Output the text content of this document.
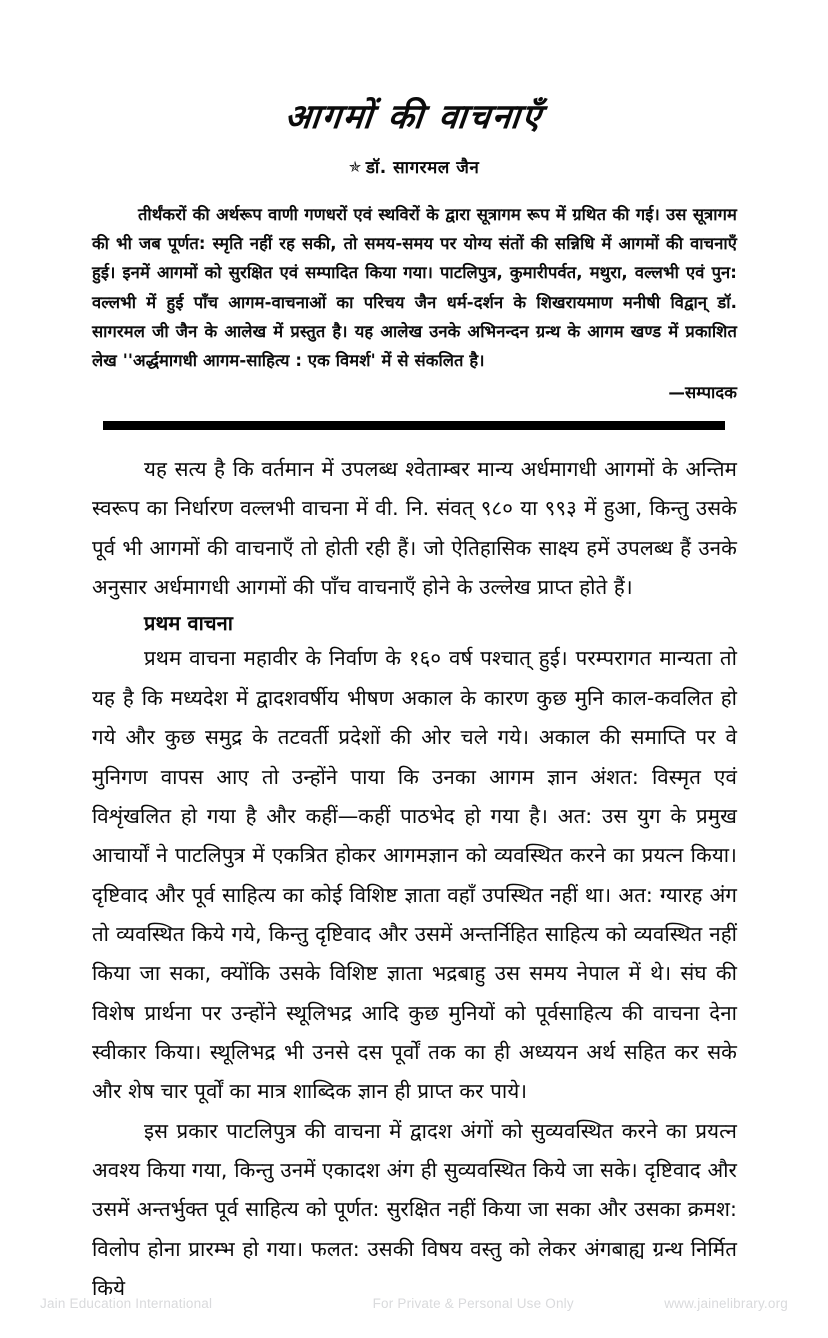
आगमों की वाचनाएँ
✯ डॉ. सागरमल जैन

तीर्थंकरों की अर्थरूप वाणी गणधरों एवं स्थविरों के द्वारा सूत्रागम रूप में ग्रथित की गई। उस सूत्रागम की भी जब पूर्णत: स्मृति नहीं रह सकी, तो समय-समय पर योग्य संतों की सन्निधि में आगमों की वाचनाएँ हुई। इनमें आगमों को सुरक्षित एवं सम्पादित किया गया। पाटलिपुत्र, कुमारीपर्वत, मथुरा, वल्लभी एवं पुन: वल्लभी में हुई पाँच आगम-वाचनाओं का परिचय जैन धर्म-दर्शन के शिखरायमाण मनीषी विद्वान् डॉ. सागरमल जी जैन के आलेख में प्रस्तुत है। यह आलेख उनके अभिनन्दन ग्रन्थ के आगम खण्ड में प्रकाशित लेख ''अर्द्धमागधी आगम-साहित्य : एक विमर्श' में से संकलित है।

—सम्पादक

यह सत्य है कि वर्तमान में उपलब्ध श्वेताम्बर मान्य अर्धमागधी आगमों के अन्तिम स्वरूप का निर्धारण वल्लभी वाचना में वी. नि. संवत् ९८० या ९९३ में हुआ, किन्तु उसके पूर्व भी आगमों की वाचनाएँ तो होती रही हैं। जो ऐतिहासिक साक्ष्य हमें उपलब्ध हैं उनके अनुसार अर्धमागधी आगमों की पाँच वाचनाएँ होने के उल्लेख प्राप्त होते हैं।

प्रथम वाचना

प्रथम वाचना महावीर के निर्वाण के १६० वर्ष पश्चात् हुई। परम्परागत मान्यता तो यह है कि मध्यदेश में द्वादशवर्षीय भीषण अकाल के कारण कुछ मुनि काल-कवलित हो गये और कुछ समुद्र के तटवर्ती प्रदेशों की ओर चले गये। अकाल की समाप्ति पर वे मुनिगण वापस आए तो उन्होंने पाया कि उनका आगम ज्ञान अंशत: विस्मृत एवं विशृंखलित हो गया है और कहीं—कहीं पाठभेद हो गया है। अत: उस युग के प्रमुख आचार्यों ने पाटलिपुत्र में एकत्रित होकर आगमज्ञान को व्यवस्थित करने का प्रयत्न किया। दृष्टिवाद और पूर्व साहित्य का कोई विशिष्ट ज्ञाता वहाँ उपस्थित नहीं था। अत: ग्यारह अंग तो व्यवस्थित किये गये, किन्तु दृष्टिवाद और उसमें अन्तर्निहित साहित्य को व्यवस्थित नहीं किया जा सका, क्योंकि उसके विशिष्ट ज्ञाता भद्रबाहु उस समय नेपाल में थे। संघ की विशेष प्रार्थना पर उन्होंने स्थूलिभद्र आदि कुछ मुनियों को पूर्वसाहित्य की वाचना देना स्वीकार किया। स्थूलिभद्र भी उनसे दस पूर्वों तक का ही अध्ययन अर्थ सहित कर सके और शेष चार पूर्वों का मात्र शाब्दिक ज्ञान ही प्राप्त कर पाये।

इस प्रकार पाटलिपुत्र की वाचना में द्वादश अंगों को सुव्यवस्थित करने का प्रयत्न अवश्य किया गया, किन्तु उनमें एकादश अंग ही सुव्यवस्थित किये जा सके। दृष्टिवाद और उसमें अन्तर्भुक्त पूर्व साहित्य को पूर्णत: सुरक्षित नहीं किया जा सका और उसका क्रमश: विलोप होना प्रारम्भ हो गया। फलत: उसकी विषय वस्तु को लेकर अंगबाह्य ग्रन्थ निर्मित किये

Jain Education International	For Private & Personal Use Only	www.jainelibrary.org
